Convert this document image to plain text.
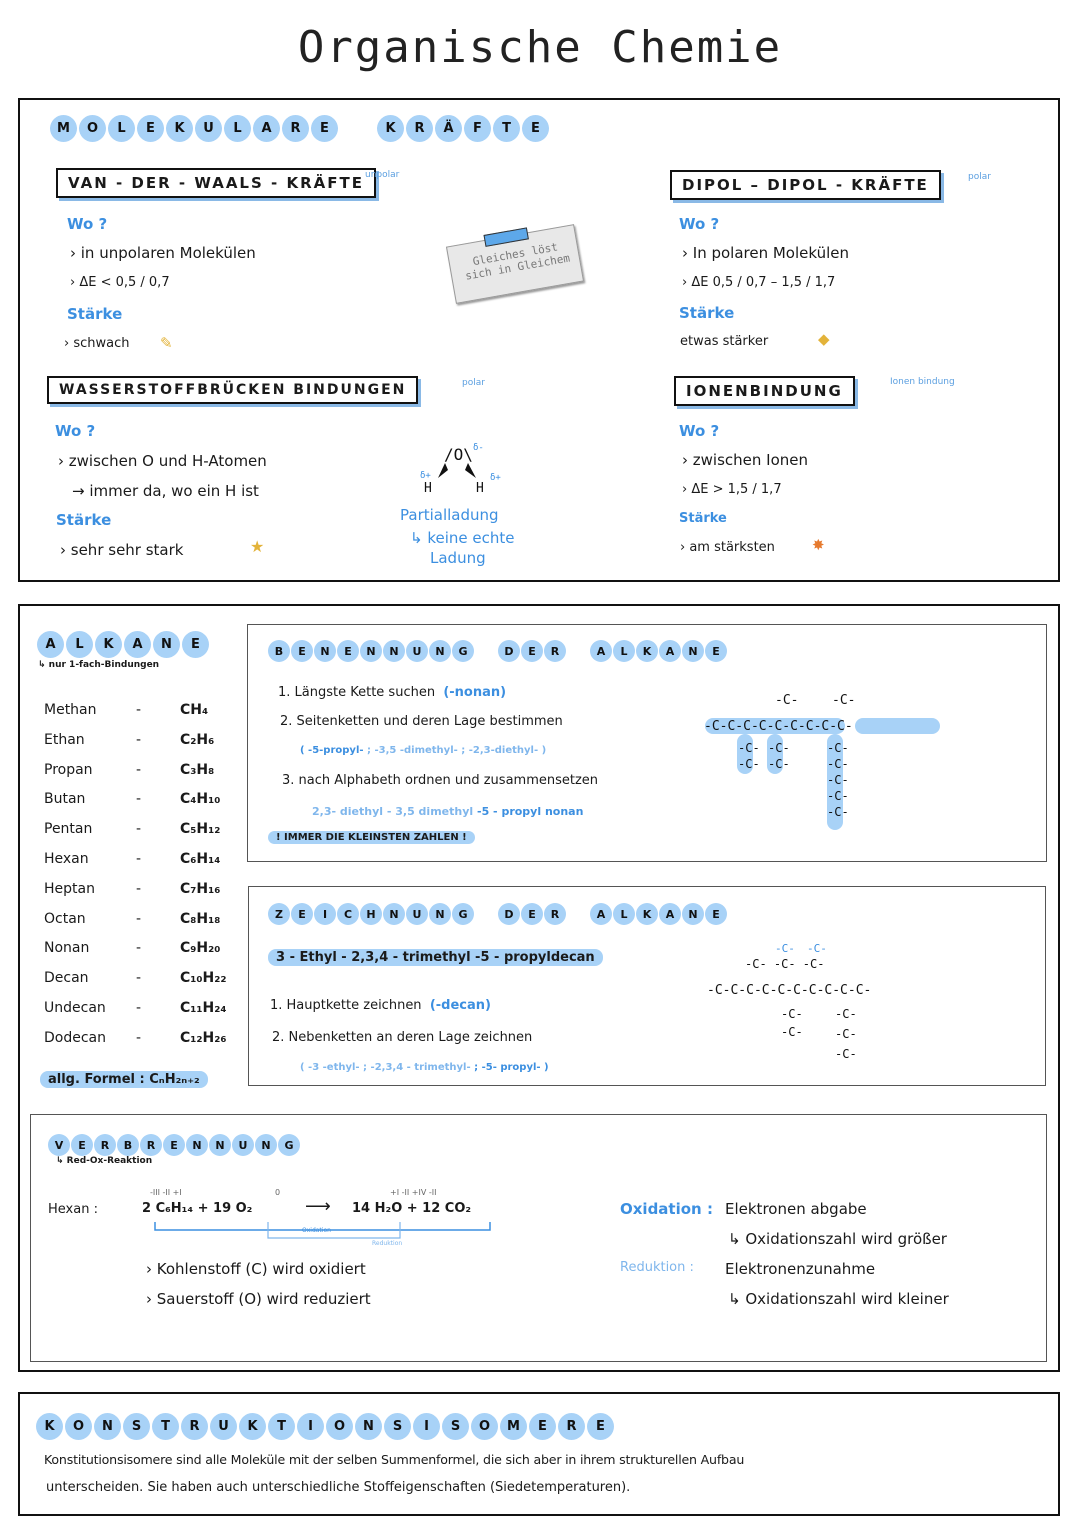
Organische Chemie
M	O	L	E	K	U	L	A	R	E	K	R	Ä	F	T	E
VAN - DER - WAALS - KRÄFTE unpolar
Wo ?
› in unpolaren Molekülen
› ΔE < 0,5 / 0,7
Stärke
› schwach ✎
Gleiches löst sich in Gleichem
DIPOL – DIPOL - KRÄFTE	polar
Wo ?
› In polaren Molekülen
› ΔE 0,5 / 0,7 – 1,5 / 1,7
Stärke
etwas stärker	◆
WASSERSTOFFBRÜCKEN BINDUNGEN	polar
Wo ?
› zwischen O und H-Atomen
→ immer da, wo ein H ist
Stärke
› sehr sehr stark	★
/O\ δ-
H	H
δ+	δ+
Partialladung
↳ keine echte
Ladung
IONENBINDUNG	Ionen bindung
Wo ?
› zwischen Ionen
› ΔE > 1,5 / 1,7
Stärke
› am stärksten ✸
A	L	K	A	N	E
↳ nur 1-fach-Bindungen
Methan	-	CH₄
Ethan	-	C₂H₆
Propan	-	C₃H₈
Butan	-	C₄H₁₀
Pentan	-	C₅H₁₂
Hexan	-	C₆H₁₄
Heptan	-	C₇H₁₆
Octan	-	C₈H₁₈
Nonan	-	C₉H₂₀
Decan	-	C₁₀H₂₂
Undecan -	C₁₁H₂₄
Dodecan -	C₁₂H₂₆
allg. Formel : CₙH₂ₙ₊₂
B	E	N	E	N	N	U	N	G	D	E	R	A	L	K	A	N	E
1. Längste Kette suchen (-nonan)
2. Seitenketten und deren Lage bestimmen
( -5-propyl- ; -3,5 -dimethyl- ; -2,3-diethyl- )
3. nach Alphabeth ordnen und zusammensetzen
2,3- diethyl - 3,5 dimethyl -5 - propyl nonan
! IMMER DIE KLEINSTEN ZAHLEN !
-C-C-C-C-C-C-C-C-C-
-C-	-C-
-C-
-C-
-C-
-C-
-C-
-C-
-C-
-C-
-C-
Z	E	I	C	H	N	U	N	G	D	E	R	A	L	K	A	N	E
3 - Ethyl - 2,3,4 - trimethyl -5 - propyldecan
1. Hauptkette zeichnen (-decan)
2. Nebenketten an deren Lage zeichnen
( -3 -ethyl- ; -2,3,4 - trimethyl- ; -5- propyl- )
-C-C-C-C-C-C-C-C-C-C-
-C- -C- -C-
-C- -C-
-C-
-C-
-C-
-C-
-C-
V	E	R	B	R	E	N	N	U	N	G
↳ Red-Ox-Reaktion
Hexan :
-III -II +I	0	+I -II +IV -II
2 C₆H₁₄ + 19 O₂	⟶ 14 H₂O + 12 CO₂
Oxidation
Reduktion
› Kohlenstoff (C) wird oxidiert
› Sauerstoff (O) wird reduziert
Oxidation : Elektronen abgabe
↳ Oxidationszahl wird größer
Reduktion : Elektronenzunahme
↳ Oxidationszahl wird kleiner
K	O	N	S	T	R	U	K	T	I	O	N	S	I	S	O	M	E	R	E
Konstitutionsisomere sind alle Moleküle mit der selben Summenformel, die sich aber in ihrem strukturellen Aufbau
unterscheiden. Sie haben auch unterschiedliche Stoffeigenschaften (Siedetemperaturen).
